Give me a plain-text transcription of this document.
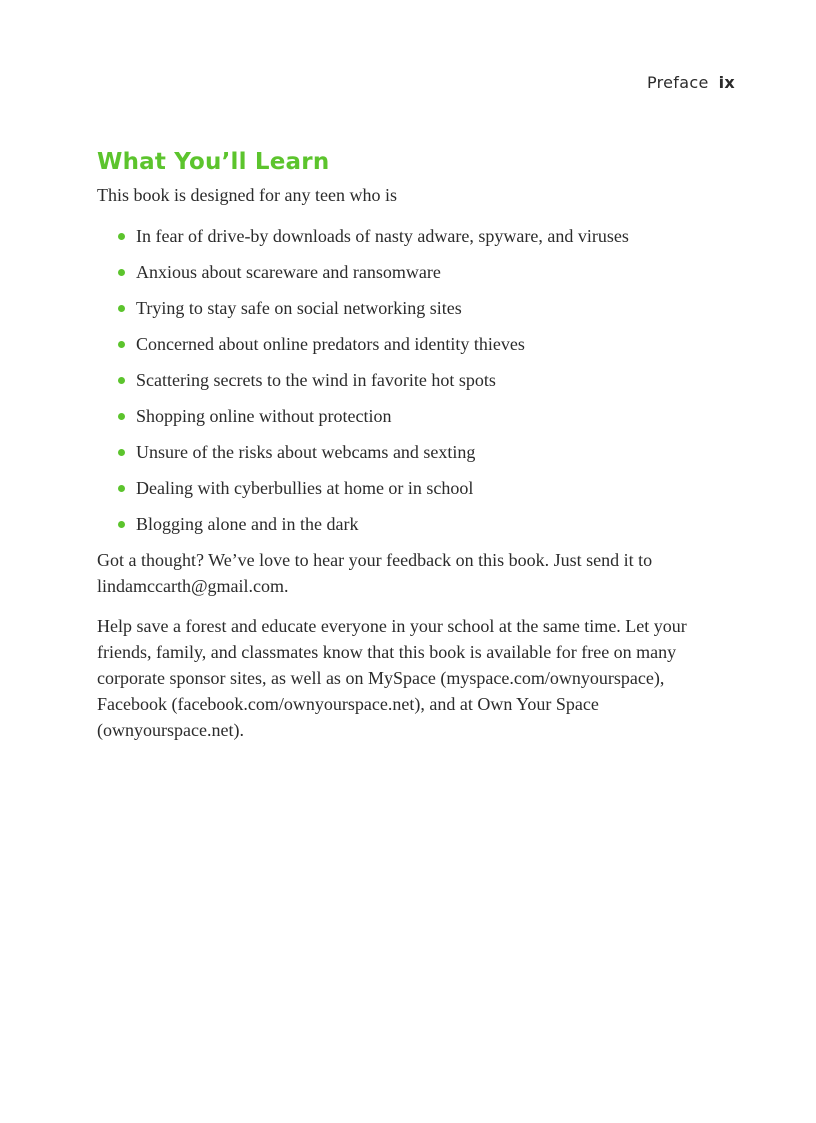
Preface ix
What You’ll Learn

This book is designed for any teen who is

In fear of drive-by downloads of nasty adware, spyware, and viruses
Anxious about scareware and ransomware
Trying to stay safe on social networking sites
Concerned about online predators and identity thieves
Scattering secrets to the wind in favorite hot spots
Shopping online without protection
Unsure of the risks about webcams and sexting
Dealing with cyberbullies at home or in school
Blogging alone and in the dark

Got a thought? We’ve love to hear your feedback on this book. Just send it to lindamccarth@gmail.com.

Help save a forest and educate everyone in your school at the same time. Let your friends, family, and classmates know that this book is available for free on many corporate sponsor sites, as well as on MySpace (myspace.com/ownyourspace), Facebook (facebook.com/ownyourspace.net), and at Own Your Space (ownyourspace.net).
